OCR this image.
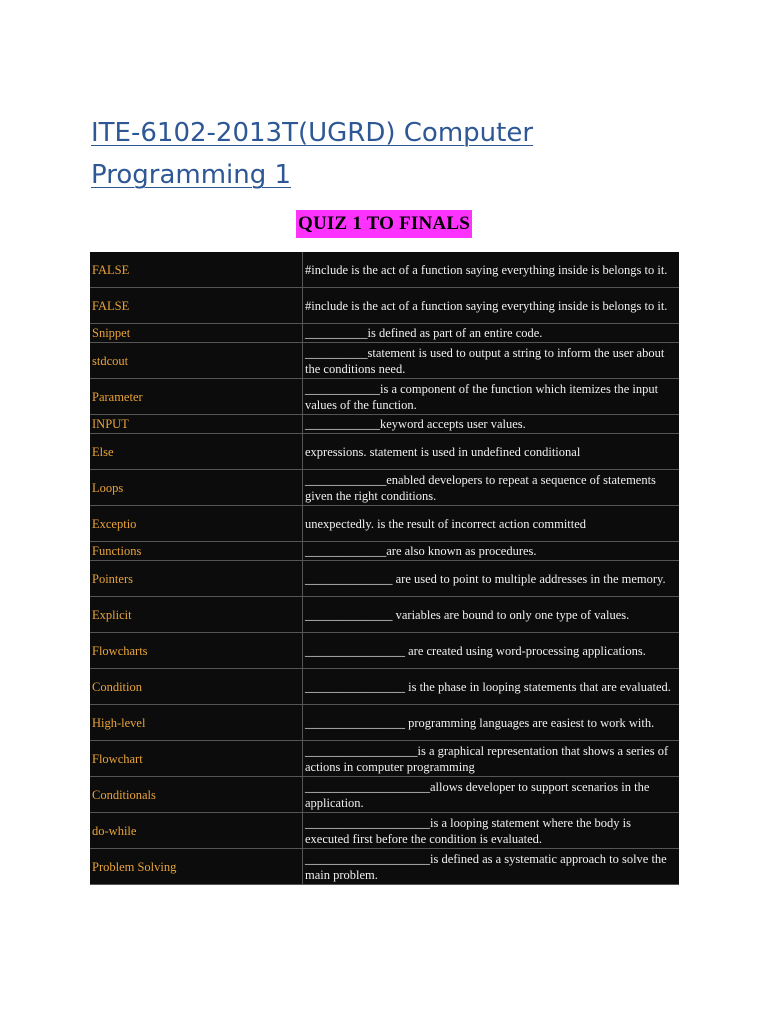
ITE-6102-2013T(UGRD) Computer
Programming 1
QUIZ 1 TO FINALS
FALSE	#include is the act of a function saying everything inside is belongs to it.
FALSE	#include is the act of a function saying everything inside is belongs to it.
Snippet	__________is defined as part of an entire code.
stdcout	__________statement is used to output a string to inform the user about the conditions need.
Parameter	____________is a component of the function which itemizes the input values of the function.
INPUT	____________keyword accepts user values.
Else	expressions. statement is used in undefined conditional
Loops	_____________enabled developers to repeat a sequence of statements given the right conditions.
Exceptio	unexpectedly. is the result of incorrect action committed
Functions	_____________are also known as procedures.
Pointers	______________ are used to point to multiple addresses in the memory.
Explicit	______________ variables are bound to only one type of values.
Flowcharts	________________ are created using word-processing applications.
Condition	________________ is the phase in looping statements that are evaluated.
High-level	________________ programming languages are easiest to work with.
Flowchart	__________________is a graphical representation that shows a series of actions in computer programming
Conditionals	____________________allows developer to support scenarios in the application.
do-while	____________________is a looping statement where the body is executed first before the condition is evaluated.
Problem Solving	____________________is defined as a systematic approach to solve the main problem.
